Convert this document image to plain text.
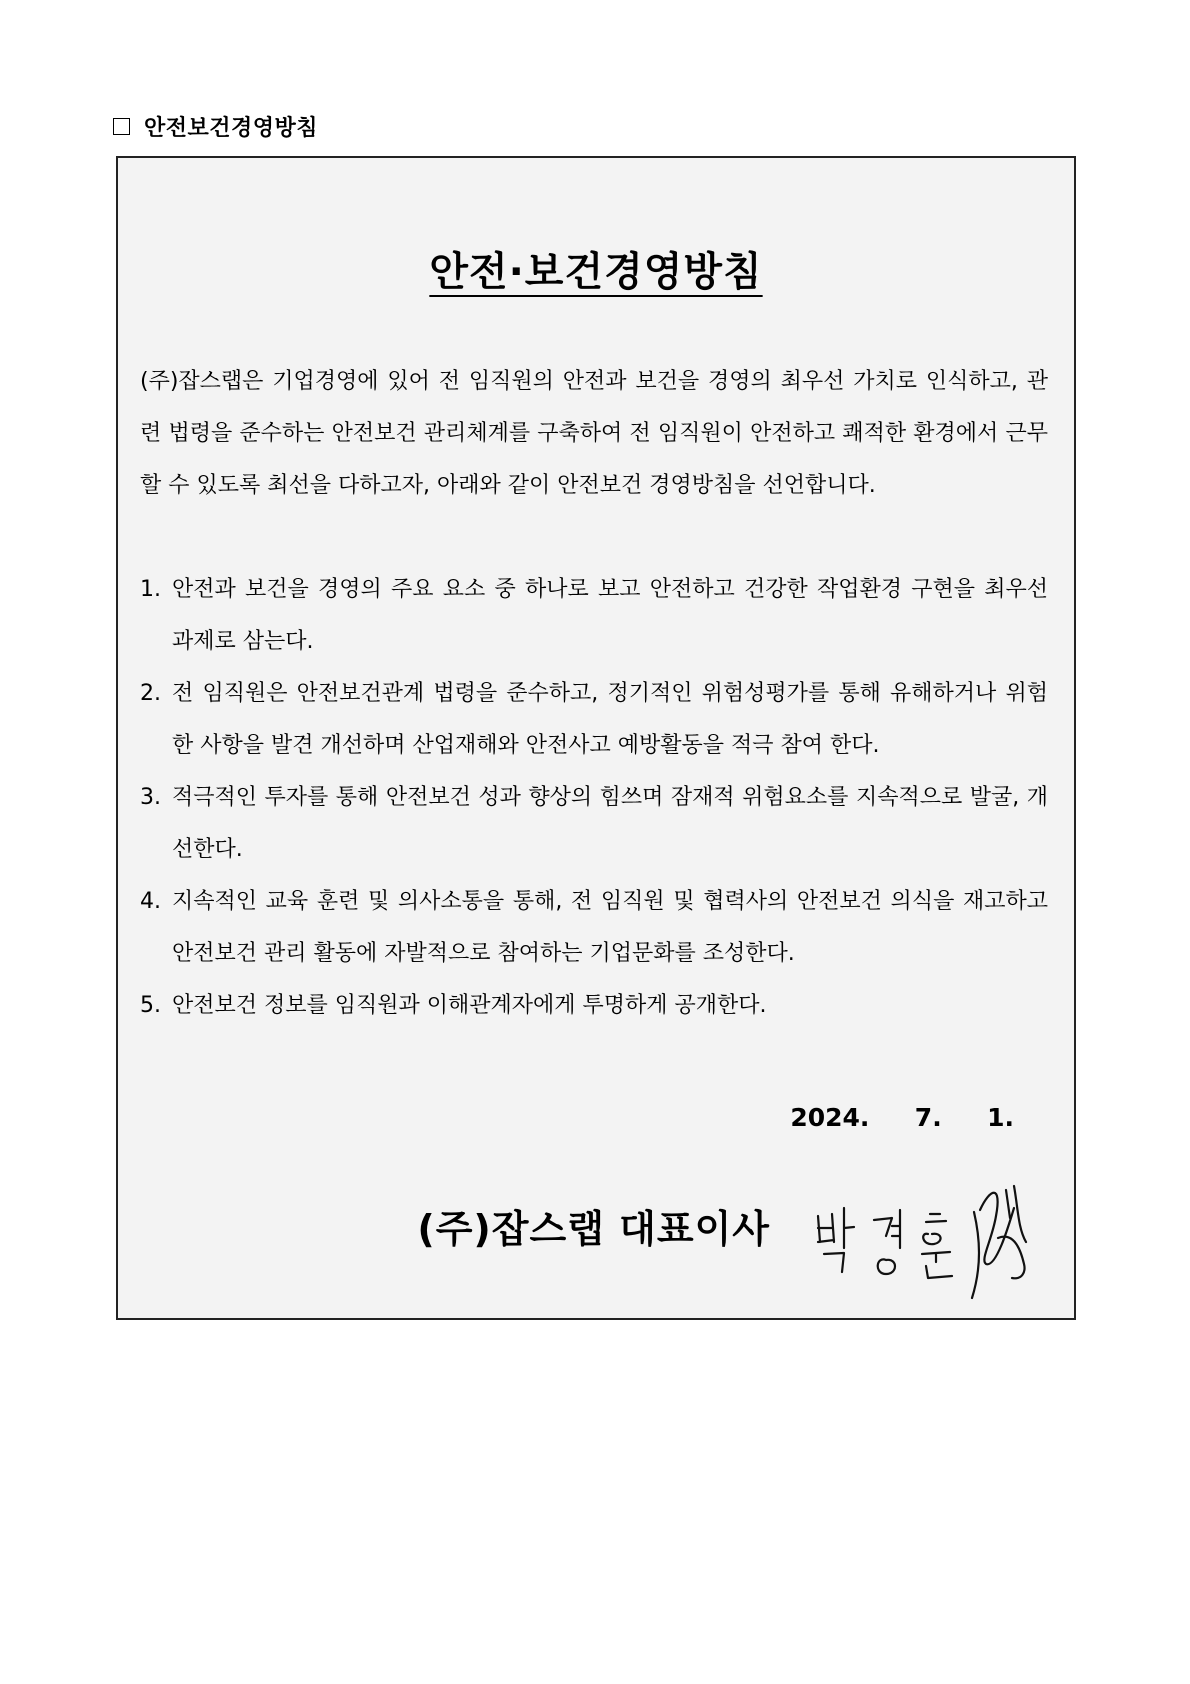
안전보건경영방침
안전·보건경영방침

(주)잡스랩은 기업경영에 있어 전 임직원의 안전과 보건을 경영의 최우선 가치로 인식하고, 관련 법령을 준수하는 안전보건 관리체계를 구축하여 전 임직원이 안전하고 쾌적한 환경에서 근무할 수 있도록 최선을 다하고자, 아래와 같이 안전보건 경영방침을 선언합니다.

1. 안전과 보건을 경영의 주요 요소 중 하나로 보고 안전하고 건강한 작업환경 구현을 최우선 과제로 삼는다.
2. 전 임직원은 안전보건관계 법령을 준수하고, 정기적인 위험성평가를 통해 유해하거나 위험한 사항을 발견 개선하며 산업재해와 안전사고 예방활동을 적극 참여 한다.
3. 적극적인 투자를 통해 안전보건 성과 향상의 힘쓰며 잠재적 위험요소를 지속적으로 발굴, 개선한다.
4. 지속적인 교육 훈련 및 의사소통을 통해, 전 임직원 및 협력사의 안전보건 의식을 재고하고 안전보건 관리 활동에 자발적으로 참여하는 기업문화를 조성한다.
5. 안전보건 정보를 임직원과 이해관계자에게 투명하게 공개한다.
2024.  7.  1.
(주)잡스랩 대표이사
